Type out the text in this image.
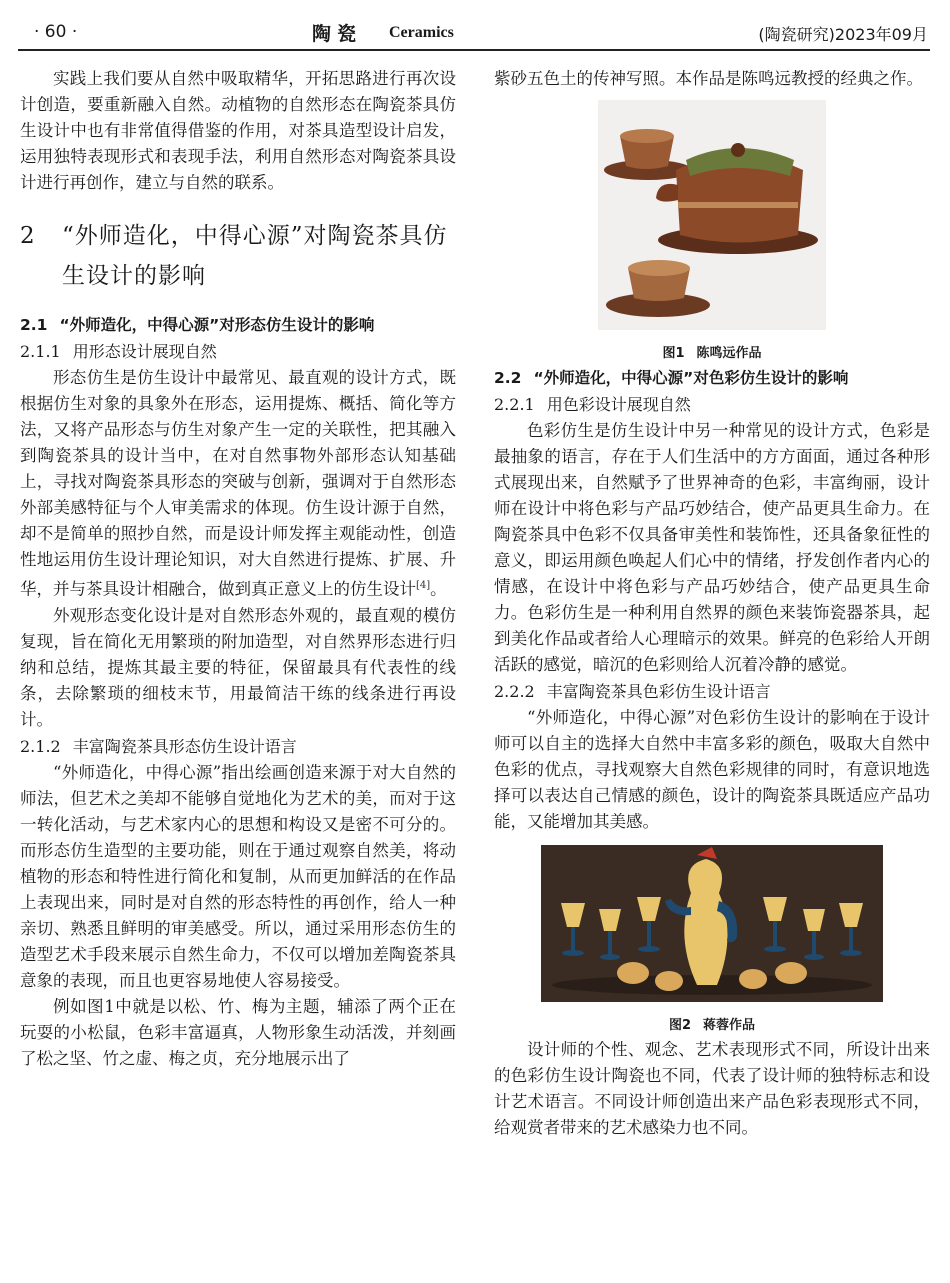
· 60 ·	陶瓷 Ceramics	(陶瓷研究)2023年09月

实践上我们要从自然中吸取精华，开拓思路进行再次设计创造，要重新融入自然。动植物的自然形态在陶瓷茶具仿生设计中也有非常值得借鉴的作用，对茶具造型设计启发，运用独特表现形式和表现手法，利用自然形态对陶瓷茶具设计进行再创作，建立与自然的联系。

2 “外师造化，中得心源”对陶瓷茶具仿生设计的影响
2.1 “外师造化，中得心源”对形态仿生设计的影响
2.1.1 用形态设计展现自然

形态仿生是仿生设计中最常见、最直观的设计方式，既根据仿生对象的具象外在形态，运用提炼、概括、简化等方法，又将产品形态与仿生对象产生一定的关联性，把其融入到陶瓷茶具的设计当中，在对自然事物外部形态认知基础上，寻找对陶瓷茶具形态的突破与创新，强调对于自然形态外部美感特征与个人审美需求的体现。仿生设计源于自然，却不是简单的照抄自然，而是设计师发挥主观能动性，创造性地运用仿生设计理论知识，对大自然进行提炼、扩展、升华，并与茶具设计相融合，做到真正意义上的仿生设计[4]。

外观形态变化设计是对自然形态外观的，最直观的模仿复现，旨在简化无用繁琐的附加造型，对自然界形态进行归纳和总结，提炼其最主要的特征，保留最具有代表性的线条，去除繁琐的细枝末节，用最简洁干练的线条进行再设计。

2.1.2 丰富陶瓷茶具形态仿生设计语言

“外师造化，中得心源”指出绘画创造来源于对大自然的师法，但艺术之美却不能够自觉地化为艺术的美，而对于这一转化活动，与艺术家内心的思想和构设又是密不可分的。而形态仿生造型的主要功能，则在于通过观察自然美，将动植物的形态和特性进行简化和复制，从而更加鲜活的在作品上表现出来，同时是对自然的形态特性的再创作，给人一种亲切、熟悉且鲜明的审美感受。所以，通过采用形态仿生的造型艺术手段来展示自然生命力，不仅可以增加差陶瓷茶具意象的表现，而且也更容易地使人容易接受。

例如图1中就是以松、竹、梅为主题，辅添了两个正在玩耍的小松鼠，色彩丰富逼真，人物形象生动活泼，并刻画了松之坚、竹之虚、梅之贞，充分地展示出了

紫砂五色土的传神写照。本作品是陈鸣远教授的经典之作。

图1 陈鸣远作品
2.2 “外师造化，中得心源”对色彩仿生设计的影响
2.2.1 用色彩设计展现自然

色彩仿生是仿生设计中另一种常见的设计方式，色彩是最抽象的语言，存在于人们生活中的方方面面，通过各种形式展现出来，自然赋予了世界神奇的色彩，丰富绚丽，设计师在设计中将色彩与产品巧妙结合，使产品更具生命力。在陶瓷茶具中色彩不仅具备审美性和装饰性，还具备象征性的意义，即运用颜色唤起人们心中的情绪，抒发创作者内心的情感，在设计中将色彩与产品巧妙结合，使产品更具生命力。色彩仿生是一种利用自然界的颜色来装饰瓷器茶具，起到美化作品或者给人心理暗示的效果。鲜亮的色彩给人开朗活跃的感觉，暗沉的色彩则给人沉着冷静的感觉。

2.2.2 丰富陶瓷茶具色彩仿生设计语言

“外师造化，中得心源”对色彩仿生设计的影响在于设计师可以自主的选择大自然中丰富多彩的颜色，吸取大自然中色彩的优点，寻找观察大自然色彩规律的同时，有意识地选择可以表达自己情感的颜色，设计的陶瓷茶具既适应产品功能，又能增加其美感。

图2 蒋蓉作品

设计师的个性、观念、艺术表现形式不同，所设计出来的色彩仿生设计陶瓷也不同，代表了设计师的独特标志和设计艺术语言。不同设计师创造出来产品色彩表现形式不同，给观赏者带来的艺术感染力也不同。
